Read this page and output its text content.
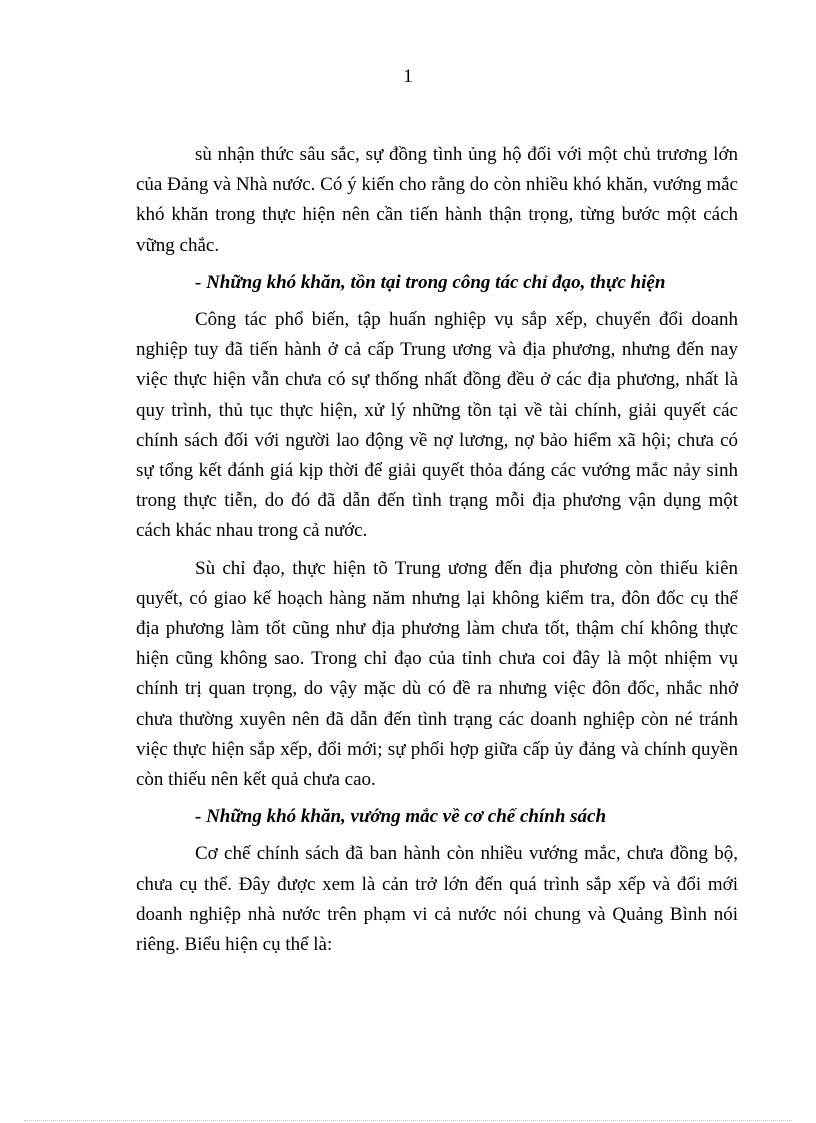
1

sù nhận thức sâu sắc, sự đồng tình ủng hộ đối với một chủ trương lớn của Đảng và Nhà nước. Có ý kiến cho rằng do còn nhiều khó khăn, vướng mắc khó khăn trong thực hiện nên cần tiến hành thận trọng, từng bước một cách vững chắc.

- Những khó khăn, tồn tại trong công tác chỉ đạo, thực hiện

Công tác phổ biến, tập huấn nghiệp vụ sắp xếp, chuyển đổi doanh nghiệp tuy đã tiến hành ở cả cấp Trung ương và địa phương, nhưng đến nay việc thực hiện vẫn chưa có sự thống nhất đồng đều ở các địa phương, nhất là quy trình, thủ tục thực hiện, xử lý những tồn tại về tài chính, giải quyết các chính sách đối với người lao động về nợ lương, nợ bảo hiểm xã hội; chưa có sự tổng kết đánh giá kịp thời để giải quyết thỏa đáng các vướng mắc nảy sinh trong thực tiễn, do đó đã dẫn đến tình trạng mỗi địa phương vận dụng một cách khác nhau trong cả nước.

Sù chỉ đạo, thực hiện tõ Trung ương đến địa phương còn thiếu kiên quyết, có giao kế hoạch hàng năm nhưng lại không kiểm tra, đôn đốc cụ thể địa phương làm tốt cũng như địa phương làm chưa tốt, thậm chí không thực hiện cũng không sao. Trong chỉ đạo của tỉnh chưa coi đây là một nhiệm vụ chính trị quan trọng, do vậy mặc dù có đề ra nhưng việc đôn đốc, nhắc nhở chưa thường xuyên nên đã dẫn đến tình trạng các doanh nghiệp còn né tránh việc thực hiện sắp xếp, đổi mới; sự phối hợp giữa cấp ủy đảng và chính quyền còn thiếu nên kết quả chưa cao.

- Những khó khăn, vướng mắc về cơ chế chính sách

Cơ chế chính sách đã ban hành còn nhiều vướng mắc, chưa đồng bộ, chưa cụ thể. Đây được xem là cản trở lớn đến quá trình sắp xếp và đổi mới doanh nghiệp nhà nước trên phạm vi cả nước nói chung và Quảng Bình nói riêng. Biểu hiện cụ thể là:
